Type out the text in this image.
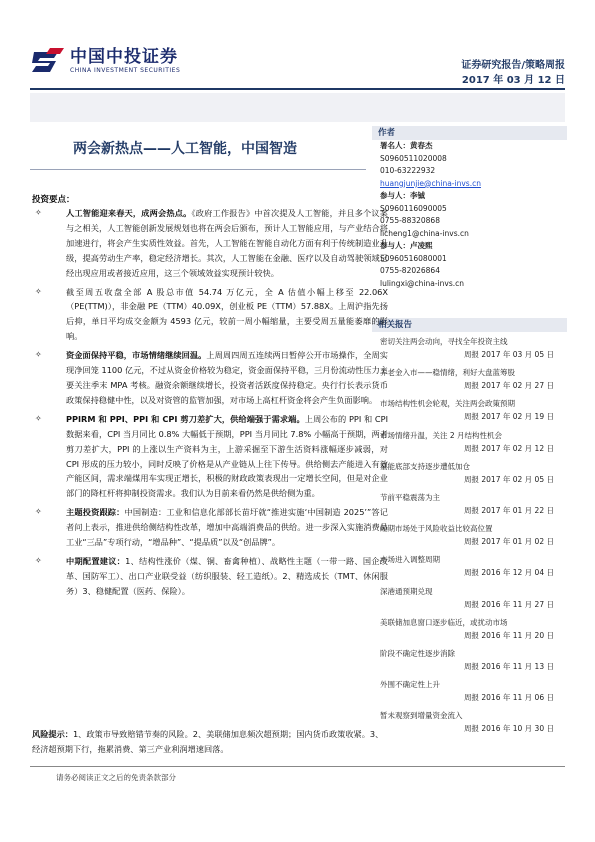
中国中投证券
CHINA INVESTMENT SECURITIES	证券研究报告/策略周报
2017 年 03 月 12 日
两会新热点——人工智能，中国智造
作者
署名人：黄春杰
S0960511020008
010-63222932
huangjunjie@china-invs.cn
参与人：李铖
S0960116090005
0755-88320868
licheng1@china-invs.cn
参与人：卢凌熙
S0960516080001
0755-82026864
lulingxi@china-invs.cn
相关报告
密切关注两会动向，寻找全年投资主线
周报 2017 年 03 月 05 日
养老金入市——稳情绪，利好大盘蓝筹股
周报 2017 年 02 月 27 日
市场结构性机会轮观，关注两会政策预期
周报 2017 年 02 月 19 日
市场情绪升温，关注 2 月结构性机会
周报 2017 年 02 月 12 日
量能底部支持逐步遭低加仓
周报 2017 年 02 月 05 日
节前平稳震荡为主
周报 2017 年 01 月 22 日
短期市场处于风险收益比较高位置
周报 2017 年 01 月 02 日
市场进入调整周期
周报 2016 年 12 月 04 日
深港通预期兑现
周报 2016 年 11 月 27 日
美联储加息窗口逐步临近，或扰动市场
周报 2016 年 11 月 20 日
阶段不确定性逐步消除
周报 2016 年 11 月 13 日
外围不确定性上升
周报 2016 年 11 月 06 日
暂未观察到增量资金流入
周报 2016 年 10 月 30 日
投资要点：
✧	人工智能迎来春天，成两会热点。《政府工作报告》中首次提及人工智能，并且多个议案与之相关，人工智能创新发展规划也将在两会后颁布，预计人工智能应用，与产业结合将加速进行，将会产生实质性效益。首先，人工智能在智能自动化方面有利于传统制造业升级，提高劳动生产率，稳定经济增长。其次，人工智能在金融、医疗以及自动驾驶领域已经出现应用或者接近应用，这三个领域效益实现预计较快。
✧	截至周五收盘全部 A 股总市值 54.74 万亿元，全 A 估值小幅上移至 22.06X（PE(TTM)），非金融 PE（TTM）40.09X，创业板 PE（TTM）57.88X。上周沪指先扬后抑，单日平均成交金额为 4593 亿元，较前一周小幅缩量，主要受周五量能萎靡的影响。
✧	资金面保持平稳，市场情绪继续回温。上周周四周五连续两日暂停公开市场操作，全周实现净回笼 1100 亿元，不过从资金价格较为稳定，资金面保持平稳，三月份流动性压力主要关注季末 MPA 考核。融资余额继续增长，投资者活跃度保持稳定。央行行长表示货币政策保持稳健中性，以及对资管的监管加强，对市场上高杠杆资金将会产生负面影响。
✧	PPIRM 和 PPI、PPI 和 CPI 剪刀差扩大，供给端强于需求端。上周公布的 PPI 和 CPI 数据来看，CPI 当月同比 0.8% 大幅低于预期，PPI 当月同比 7.8% 小幅高于预期，两者剪刀差扩大，PPI 的上涨以生产资料为主，上游采掘至下游生活资料涨幅逐步减弱，对 CPI 形成的压力较小，同时反映了价格是从产业链从上往下传导。供给侧去产能进入有效产能区间，需求端煤用车实现正增长，积极的财政政策表现出一定增长空间，但是对企业部门的降杠杆将抑制投资需求。我们认为目前来看仍然是供给侧为重。
✧	主题投资跟踪：中国制造：工业和信息化部部长苗圩就“推进实施‘中国制造 2025’”答记者问上表示，推进供给侧结构性改革，增加中高端消费品的供给。进一步深入实施消费品工业“三品”专项行动，“增品种”、“提品质”以及“创品牌”。
✧	中期配置建议：1、结构性涨价（煤、铜、畜禽种植）、战略性主题（一带一路、国企改革、国防军工）、出口产业联受益（纺织服装、轻工造纸）。2、精选成长（TMT、休闲服务）3、稳健配置（医药、保险）。
风险提示：1、政策市导致赔错节奏的风险。2、美联储加息频次超预期；国内货币政策收紧。3、经济超预期下行，拖累消费、第三产业利润增速回落。
请务必阅读正文之后的免责条款部分
